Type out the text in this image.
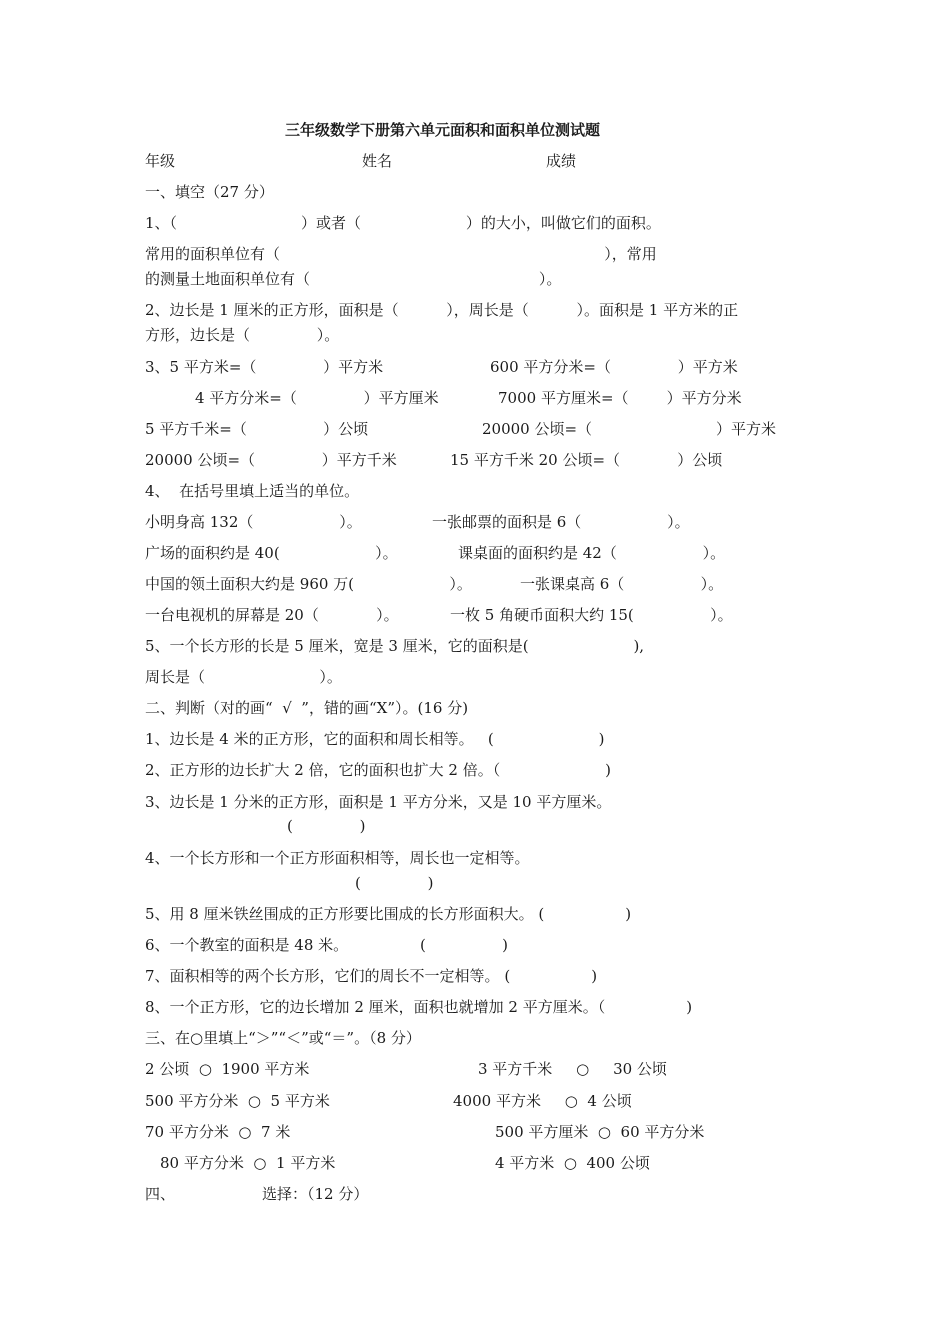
三年级数学下册第六单元面积和面积单位测试题
年级	姓名	成绩
一、填空（27 分）
1、（                          ）或者（                      ）的大小，叫做它们的面积。
常用的面积单位有（                                                                    ），常用
的测量土地面积单位有（                                                ）。
2、边长是 1 厘米的正方形，面积是（          ），周长是（          ）。面积是 1 平方米的正
方形，边长是（              ）。
3、5 平方米=（              ）平方米	600 平方分米=（              ）平方米
4 平方分米=（              ）平方厘米	7000 平方厘米=（        ）平方分米
5 平方千米=（                ）公顷	20000 公顷=（                          ）平方米
20000 公顷=（              ）平方千米	15 平方千米 20 公顷=（            ）公顷
4、  在括号里填上适当的单位。
小明身高 132（                  ）。	一张邮票的面积是 6（                  ）。
广场的面积约是 40(                    ）。	课桌面的面积约是 42（                  ）。
中国的领土面积大约是 960 万(                    ）。	一张课桌高 6（                ）。
一台电视机的屏幕是 20（            ）。	一枚 5 角硬币面积大约 15(                ）。
5、一个长方形的长是 5 厘米，宽是 3 厘米，它的面积是(                      ),
周长是（                        ）。
二、判断（对的画“  √  ”，错的画“X”）。(16 分)
1、边长是 4 米的正方形，它的面积和周长相等。   (                      )
2、正方形的边长扩大 2 倍，它的面积也扩大 2 倍。（                      )
3、边长是 1 分米的正方形，面积是 1 平方分米，又是 10 平方厘米。
(              )
4、一个长方形和一个正方形面积相等，周长也一定相等。
(              )
5、用 8 厘米铁丝围成的正方形要比围成的长方形面积大。 (                 )
6、一个教室的面积是 48 米。	(                )
7、面积相等的两个长方形，它们的周长不一定相等。 (                 )
8、一个正方形，它的边长增加 2 厘米，面积也就增加 2 平方厘米。（                 )
三、在○里填上“＞”“＜”或“＝”。（8 分）
2 公顷  ○  1900 平方米	3 平方千米     ○     30 公顷
500 平方分米  ○  5 平方米	4000 平方米     ○  4 公顷
70 平方分米  ○  7 米	500 平方厘米  ○  60 平方分米
80 平方分米  ○  1 平方米	4 平方米  ○  400 公顷
四、	选择：（12 分）
